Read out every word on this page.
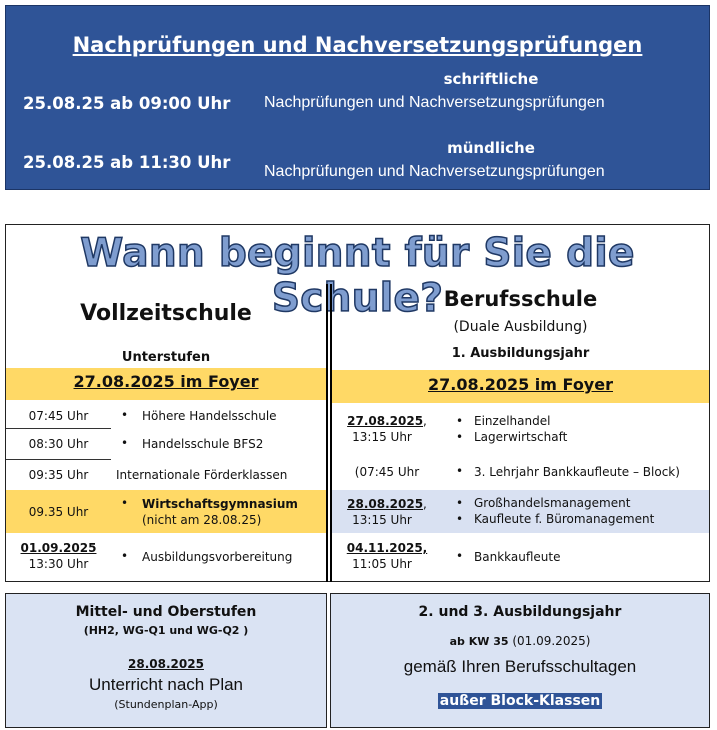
Nachprüfungen und Nachversetzungsprüfungen
25.08.25 ab 09:00 Uhr
schriftliche
Nachprüfungen und Nachversetzungsprüfungen
25.08.25 ab 11:30 Uhr
mündliche
Nachprüfungen und Nachversetzungsprüfungen
Wann beginnt für Sie die Schule?
Vollzeitschule
Unterstufen
27.08.2025 im Foyer
Berufsschule
(Duale Ausbildung)
1. Ausbildungsjahr
27.08.2025 im Foyer
07:45 Uhr	• Höhere Handelsschule
08:30 Uhr	• Handelsschule BFS2
09:35 Uhr	Internationale Förderklassen
09.35 Uhr
• Wirtschaftsgymnasium
(nicht am 28.08.25)
01.09.2025
13:30 Uhr
• Ausbildungsvorbereitung
27.08.2025,
13:15 Uhr
• Einzelhandel
• Lagerwirtschaft
(07:45 Uhr	• 3. Lehrjahr Bankkaufleute – Block)
28.08.2025,
13:15 Uhr
• Großhandelsmanagement
• Kaufleute f. Büromanagement
04.11.2025,
11:05 Uhr
• Bankkaufleute
Mittel- und Oberstufen
(HH2, WG-Q1 und WG-Q2 )
28.08.2025
Unterricht nach Plan
(Stundenplan-App)
2. und 3. Ausbildungsjahr
ab KW 35 (01.09.2025)
gemäß Ihren Berufsschultagen
außer Block-Klassen
